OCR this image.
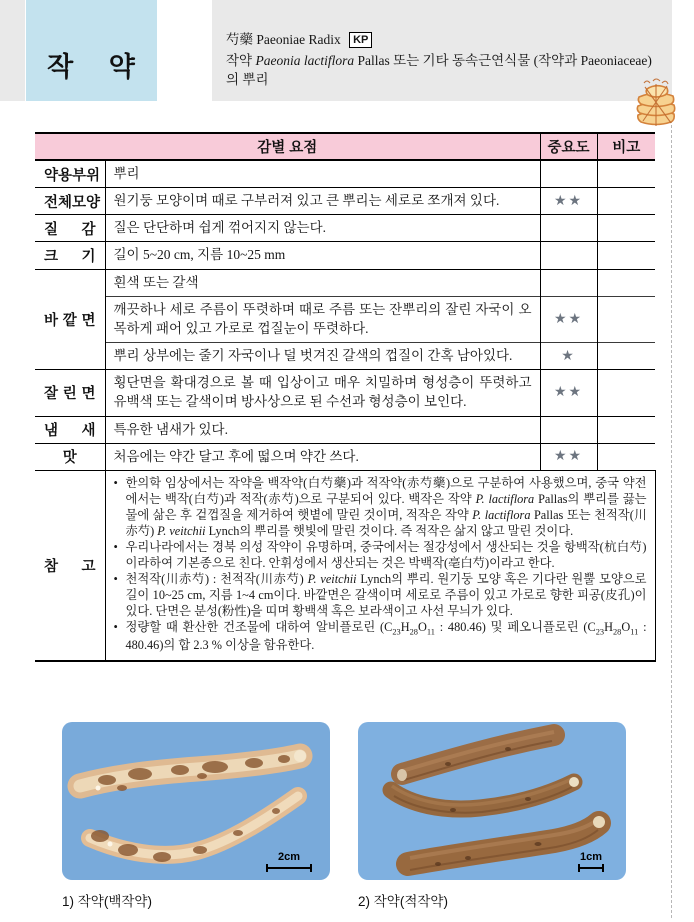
작 약
芍藥 Paeoniae Radix KP

작약 Paeonia lactiflora Pallas 또는 기타 동속근연식물 (작약과 Paeoniaceae)의 뿌리

감별 요점		중요도	비고

약 용 부 위	뿌리		

전 체 모 양	원기둥 모양이며 때로 구부러져 있고 큰 뿌리는 세로로 쪼개져 있다.	★★	

질 감	질은 단단하며 쉽게 꺾어지지 않는다.		

크 기	길이 5~20 cm, 지름 10~25 mm		

바 깥 면	흰색 또는 갈색		
	깨끗하나 세로 주름이 뚜렷하며 때로 주름 또는 잔뿌리의 잘린 자국이 오목하게 패어 있고 가로로 껍질눈이 뚜렷하다.	★★	
	뿌리 상부에는 줄기 자국이나 덜 벗겨진 갈색의 껍질이 간혹 남아있다.	★	

잘 린 면	횡단면을 확대경으로 볼 때 입상이고 매우 치밀하며 형성층이 뚜렷하고 유백색 또는 갈색이며 방사상으로 된 수선과 형성층이 보인다.	★★	

냄 새	특유한 냄새가 있다.		

맛	처음에는 약간 달고 후에 떫으며 약간 쓰다.	★★	

참 고

• 한의학 임상에서는 작약을 백작약(白芍藥)과 적작약(赤芍藥)으로 구분하여 사용했으며, 중국 약전에서는 백작(白芍)과 적작(赤芍)으로 구분되어 있다. 백작은 작약 P. lactiflora Pallas의 뿌리를 끓는 물에 삶은 후 겉껍질을 제거하여 햇볕에 말린 것이며, 적작은 작약 P. lactiflora Pallas 또는 천적작(川赤芍) P. veitchii Lynch의 뿌리를 햇빛에 말린 것이다. 즉 적작은 삶지 않고 말린 것이다.
• 우리나라에서는 경북 의성 작약이 유명하며, 중국에서는 절강성에서 생산되는 것을 항백작(杭白芍)이라하여 기본종으로 친다. 안휘성에서 생산되는 것은 박백작(亳白芍)이라고 한다.
• 천적작(川赤芍) : 천적작(川赤芍) P. veitchii Lynch의 뿌리. 원기둥 모양 혹은 기다란 원뿔 모양으로 길이 10~25 cm, 지름 1~4 cm이다. 바깥면은 갈색이며 세로로 주름이 있고 가로로 향한 피공(皮孔)이 있다. 단면은 분성(粉性)을 띠며 황백색 혹은 보라색이고 사선 무늬가 있다.
• 정량할 때 환산한 건조물에 대하여 알비플로린 ($C_{23}H_{28}O_{11}$ : 480.46) 및 페오니플로린 ($C_{23}H_{28}O_{11}$ : 480.46)의 합 2.3 % 이상을 함유한다.
2cm
1) 작약(백작약)
1cm
2) 작약(적작약)
